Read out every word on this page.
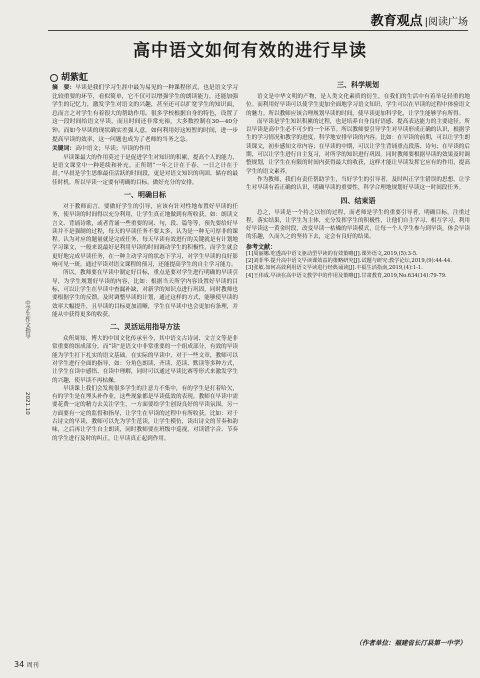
教育观点 |阅读广场
高中语文如何有效的进行早读
胡紫虹
中学生作文指导
2021.10
摘　要：早读是我们学习生涯中最为易见的一种课程形式，也是语文学习比较重要的环节，看似简单，它不仅可以增强学生的朗读能力，还能加强学生的记忆力，激发学生对语文的兴趣，甚至还可以扩宽学生的知识面，总而言之对学生有着很大的帮助作用。很多学校根据自身的特色，设置了这一段时间给语文早读，而且时间还非常充裕，大多数控制在30—40分钟。而如今早读的现状确实差强人意，如何利用好这短暂的时间，进一步提高早读的效率，这一问题也成为了老师的当务之急。
关键词：高中语文；早读；早读的作用

早读课最大的作用莫过于是促进学生对知识的积累，提高个人的能力，是语文课堂中一种延续和补充。正所谓“一年之计在于春，一日之计在于晨。”早晨是学生思维最佳活跃的时间段，更是对语文知识的巩固、储存的最佳时机。所以早读一定要有明确的目标，做好充分的安排。

一、明确目标

对于教师而言，要做好学生的引导，应该有针对性地布置好早读的任务，使早读的时间得以充分利用，让学生真正地做到有所收获，如：朗读文言文、背诵诗歌，或者背诵一些重要的词、句，段、篇等等，预先要给好早读并不是强制的过程，每天的早读任务不要太多，认为是一种无可厚非的课程。认为对应的题量就是完成任务，每天早读有效进行的关键就是有计划地学习课文，一般来说最好是利用早读的时间调动学生的积极性，而学生就会更好地完成早读任务，在一种主动学习的状态下学习，对学生早读的良好影响可见一斑。通过早读对语文课程的预习，还能提高学生的自主学习能力。

所以，教师要在早读中制定好目标，重点是要对学生进行明确的早读引导，为学生规划好早读的内容，比如：根据当天所学内容设置好早读的目标，可以让学生在早读中查漏补缺，对新学的知识点进行巩固，同时教师也要根据学生的反馈，及时调整早读的计划，通过这样的方式，能够使早读的效率大幅提升，且早读的目标更加清晰，学生在早读中也会更加有条理，并能从中获得更多的收获。

二、灵活运用指导方法

众所周知，博大的中国文化传承至今，其中语文古诗词、文言文等是非常重要的组成部分，而“读”是语文中非常重要的一个组成部分，有效的早读能为学生打下扎实的语文基础。在实际的早读中，对于一些文章，教师可以对学生进行全面的指导，如：分角色朗读、齐读、范读、默读等多种方式，让学生在读中感悟、在读中理解，同时可以通过早读比赛等形式来激发学生的兴趣，使早读不再枯燥。

早读课上我们会发现很多学生的注意力不集中，有的学生是打着哈欠，有的学生是在埋头补作业，这些现象都是早读低效的表现。教师在早读中需要花费一定的精力去关注学生，一方面要给学生创设良好的早读氛围，另一方面要有一定的监督和指导，让学生在早读的过程中有所收获。比如：对于古诗文的早读，教师可以先为学生范读，让学生模仿，读出诗文的节奏和韵味，之后再让学生自主朗读，同时教师要在班级中巡视，对读错字音、节奏的学生进行及时的纠正，让早读真正起到作用。

三、科学规划

语文是中华文明的产物，是人类文化素质的衍生，在我们的生活中有着举足轻重的地位。而利用好早读可以使学生更加全面地学习语文知识，学生可以在早读的过程中体验语文的魅力。所以教师应该合理规划早读的时间，使早读更加科学化，让学生能够学有所得。

而早读是学生知识积累的过程，也是培养自身良好语感、提高表达能力的主要途径。所以早读是高中生必不可少的一个环节。所以教师要引导学生对早读形成正确的认识，根据学生的学习情况和教学的进度，科学地安排早读的内容。比如：在早读的前期，可以让学生朗读课文，初步感知文章内容；在早读的中期，可以让学生背诵重点段落、诗句；在早读的后期，可以让学生进行自主复习，对所学的知识进行巩固。同时教师要根据早读的效果及时调整规划，让学生在有限的时间内获得最大的收获，这样才能让早读发挥它应有的作用，提高学生的语文素养。

作为教师，我们有责任帮助学生，当好学生的引导者，及时纠正学生错误的思想，让学生对早读有着正确的认识，明确早读的重要性，科学合理地规划好早读这一时间段任务。

四、结束语

总之，早读是一个持之以恒的过程，而老师是学生的重要引导者，明确目标，注重过程，落实结果，让学生为主体，充分发挥学生的积极性，让他们自主学习、相互学习，利用好早读这一黄金时段，改变早读一枯燥的早读模式，让每一个人学生参与到早读，体会早读的乐趣，久而久之的坚持下去，定会有良好的结果。

参考文献：

[1]周丽娜.吃透高中语文驱动型早读的有效策略[J].课外语文,2019,(5):3-5.

[2]刘菲华.提升高中语文早读课效益的策略研究[J].试题与研究:教学论坛,2019,(9):44-44.

[3]张敏.如何高效利用语文早读进行经典诵读[J].丰福生活指南,2019,(4):1-1.

[4]王伟成.早读在高中语文教学中的作用及策略[J].甘肃教育,2019,No.634(14):79-79.

（作者单位：福建省长汀县第一中学）
34 周刊
